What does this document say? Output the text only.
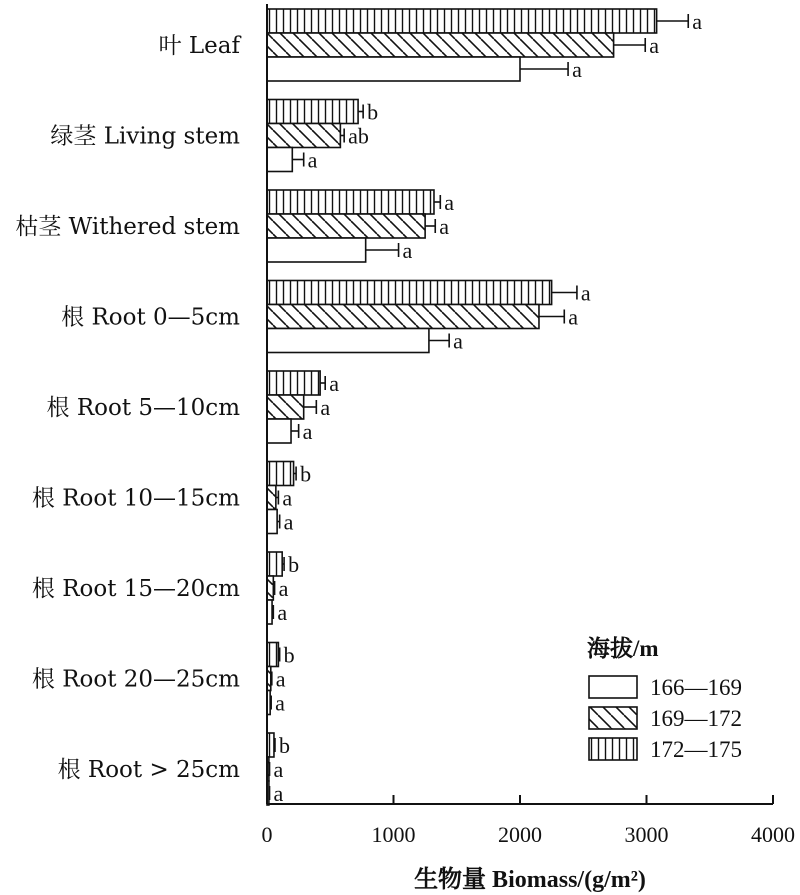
叶 Leaf
绿茎 Living stem
枯茎 Withered stem
根 Root 0—5cm
根 Root 5—10cm
根 Root 10—15cm
根 Root 15—20cm
根 Root 20—25cm
根 Root > 25cm
a
a
a
b
ab
a
a
a
a
a
a
a
a
a
a
b
a
a
b
a
a
b
a
a
b
a
a
0	1000	2000	3000	4000
生物量 Biomass/(g/m²)
海拔/m
166—169
169—172
172—175
